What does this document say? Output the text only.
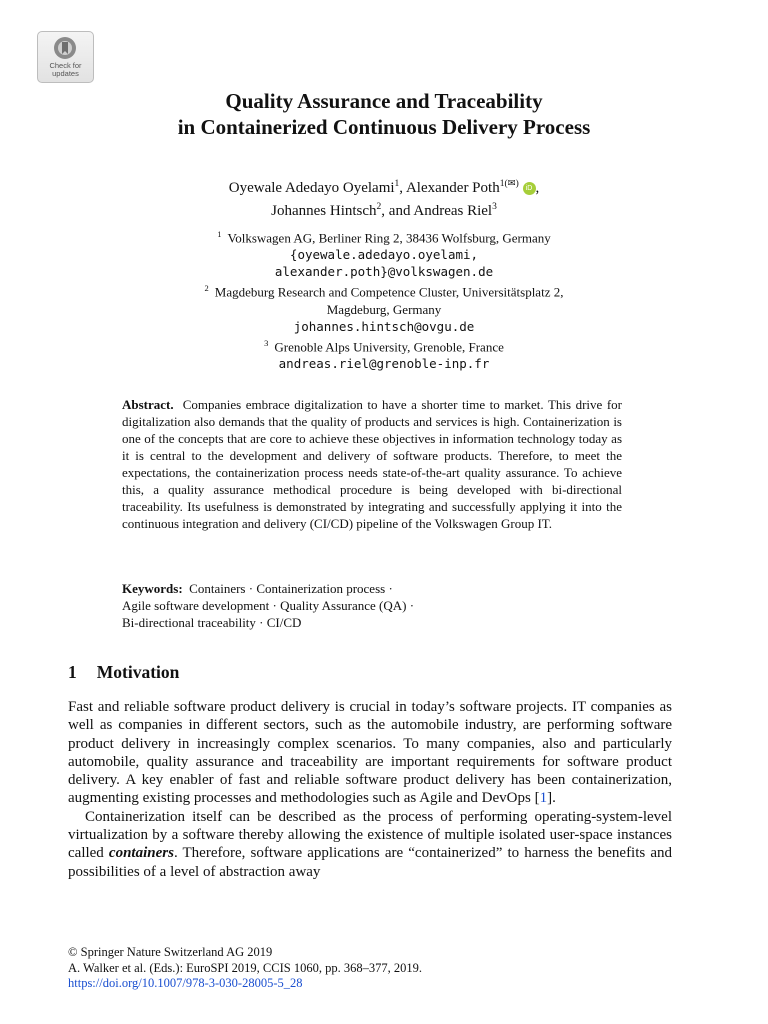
Check for
updates
Quality Assurance and Traceability
in Containerized Continuous Delivery Process
Oyewale Adedayo Oyelami$^1$, Alexander Poth$^{1(✉)}$ iD ,
Johannes Hintsch$^2$, and Andreas Riel$^3$
$^1$ Volkswagen AG, Berliner Ring 2, 38436 Wolfsburg, Germany
{oyewale.adedayo.oyelami,
alexander.poth}@volkswagen.de
$^2$ Magdeburg Research and Competence Cluster, Universitätsplatz 2,
Magdeburg, Germany
johannes.hintsch@ovgu.de
$^3$ Grenoble Alps University, Grenoble, France
andreas.riel@grenoble-inp.fr
Abstract. Companies embrace digitalization to have a shorter time to market. This drive for digitalization also demands that the quality of products and services is high. Containerization is one of the concepts that are core to achieve these objectives in information technology today as it is central to the development and delivery of software products. Therefore, to meet the expectations, the containerization process needs state-of-the-art quality assurance. To achieve this, a quality assurance methodical procedure is being developed with bi-directional traceability. Its usefulness is demonstrated by integrating and successfully applying it into the continuous integration and delivery (CI/CD) pipeline of the Volkswagen Group IT.
Keywords: Containers · Containerization process ·
Agile software development · Quality Assurance (QA) ·
Bi-directional traceability · CI/CD
1 Motivation

Fast and reliable software product delivery is crucial in today’s software projects. IT companies as well as companies in different sectors, such as the automobile industry, are performing software product delivery in increasingly complex scenarios. To many companies, also and particularly automobile, quality assurance and traceability are important requirements for software product delivery. A key enabler of fast and reliable software product delivery has been containerization, augmenting existing processes and methodologies such as Agile and DevOps [1].

Containerization itself can be described as the process of performing operating-system-level virtualization by a software thereby allowing the existence of multiple isolated user-space instances called containers. Therefore, software applications are “containerized” to harness the benefits and possibilities of a level of abstraction away

© Springer Nature Switzerland AG 2019
A. Walker et al. (Eds.): EuroSPI 2019, CCIS 1060, pp. 368–377, 2019.
https://doi.org/10.1007/978-3-030-28005-5_28
